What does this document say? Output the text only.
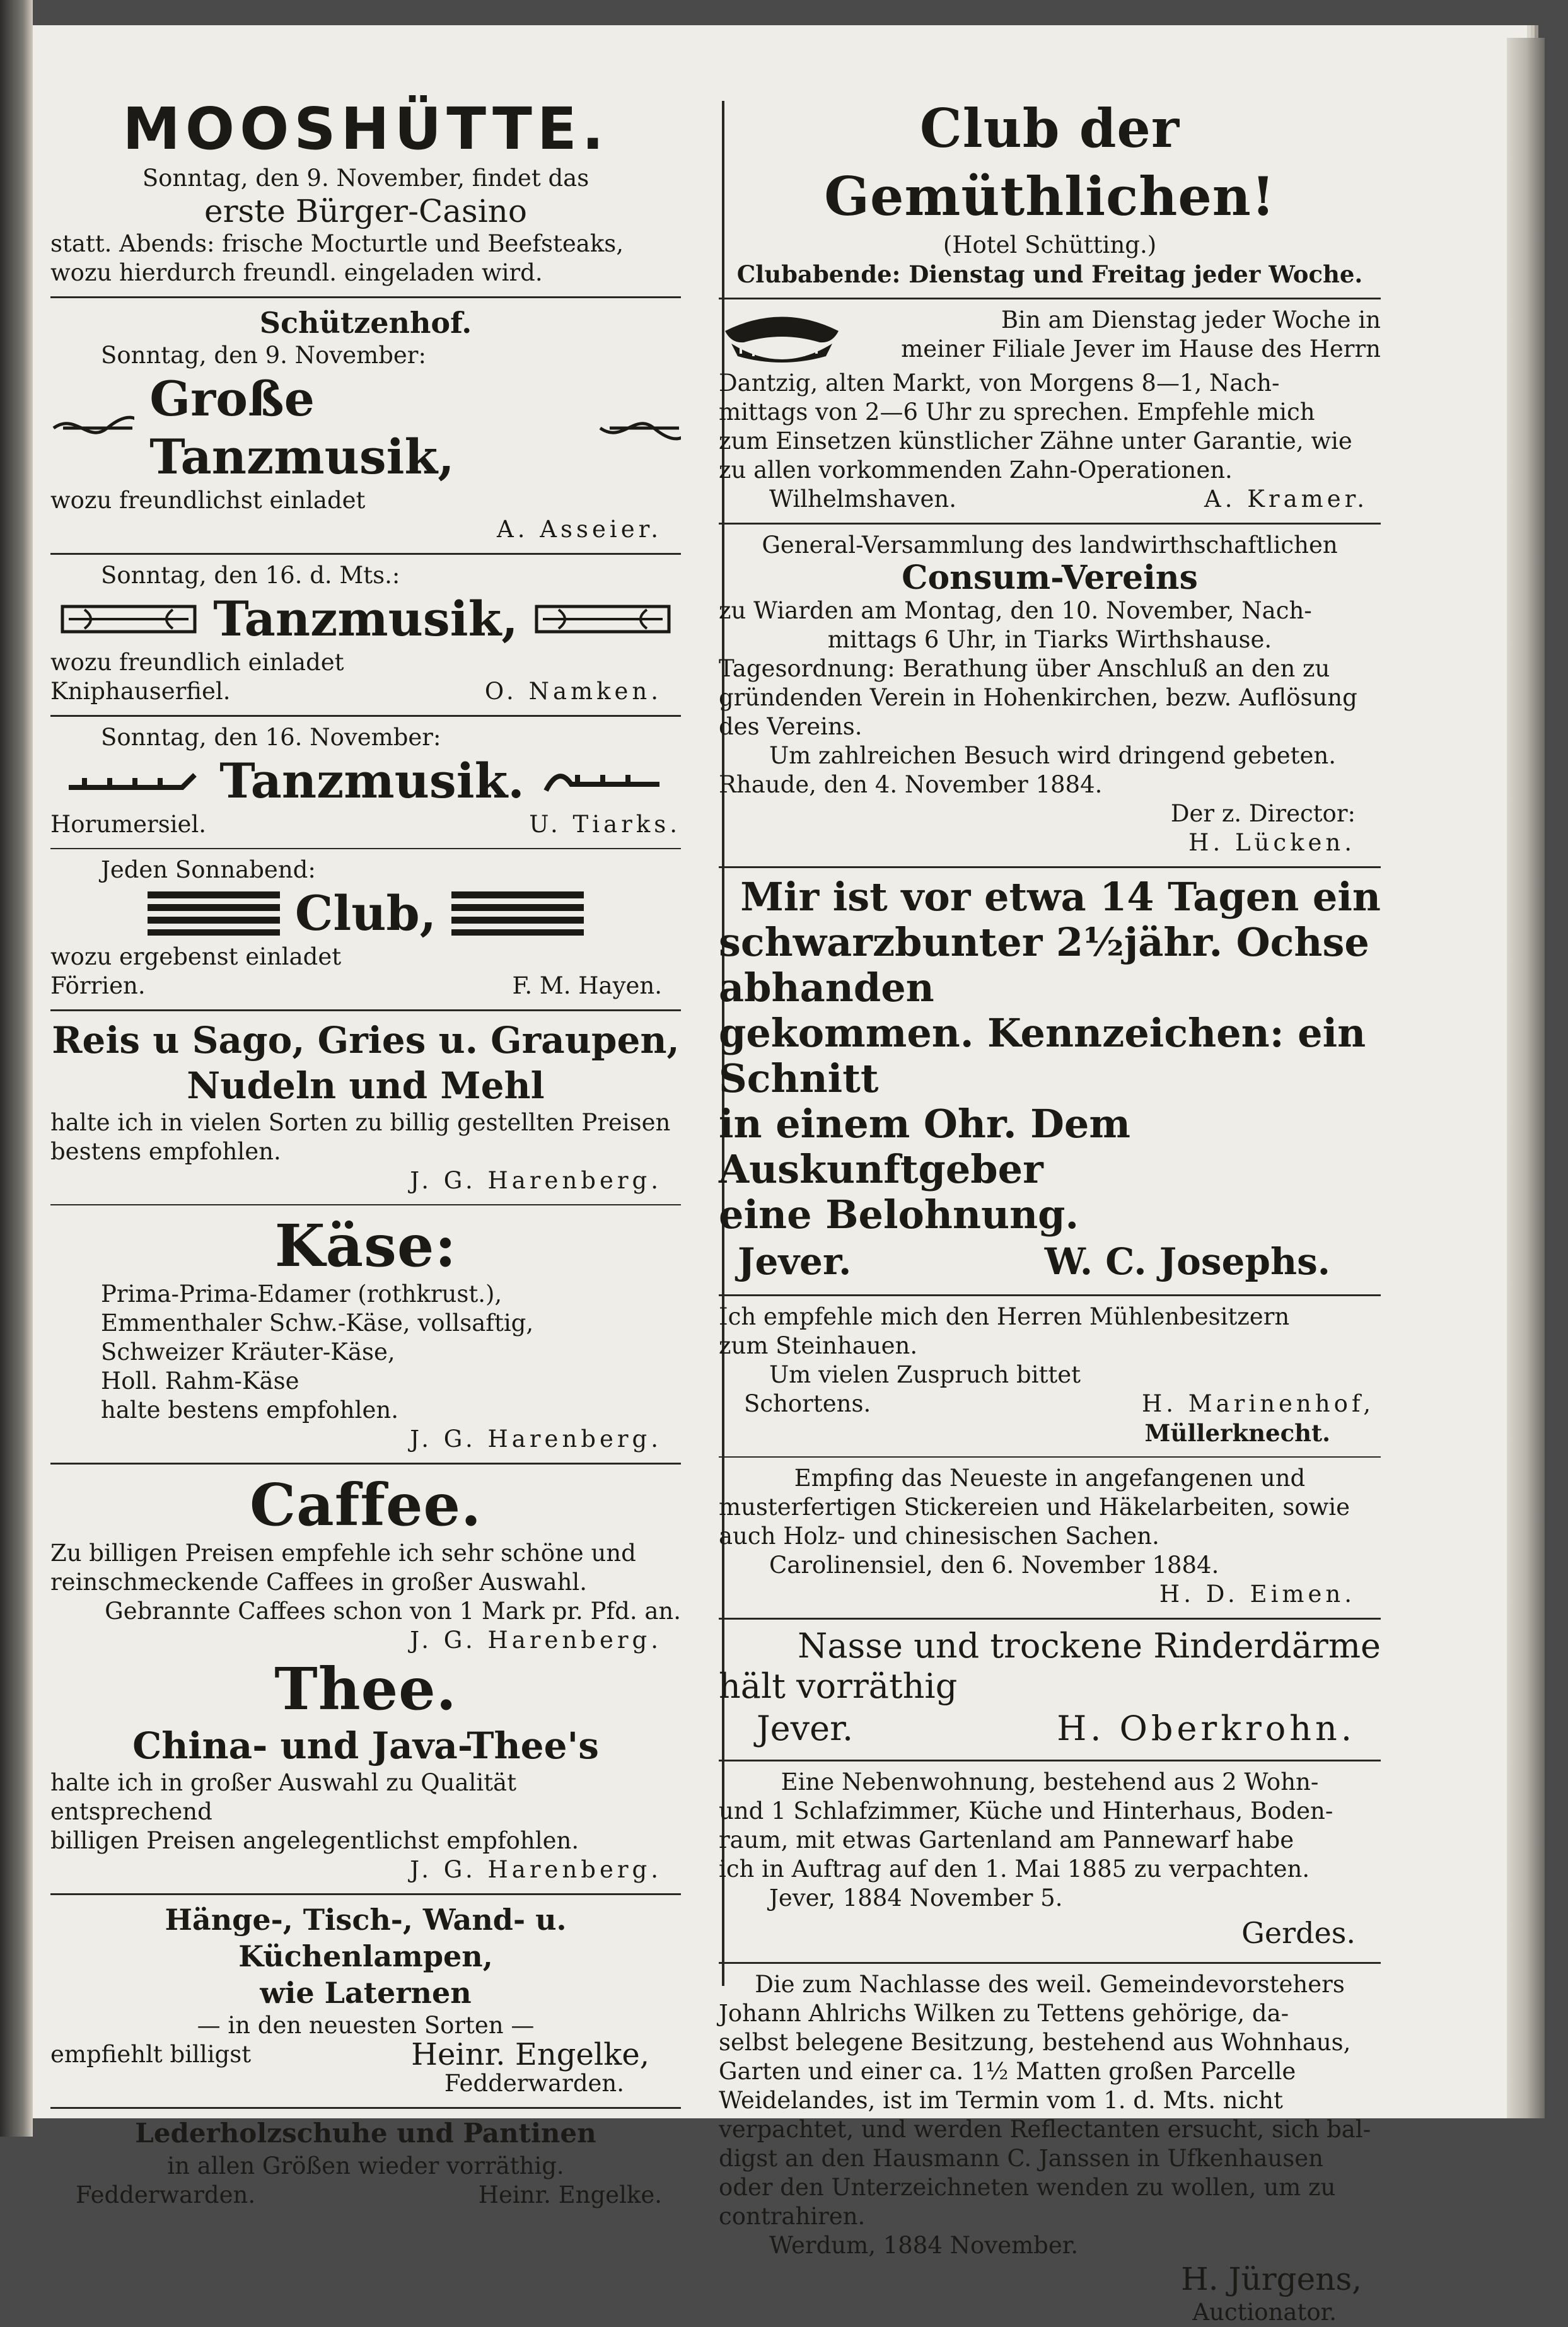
MOOSHÜTTE.
Sonntag, den 9. November, findet das
erste Bürger-Casino
statt. Abends: frische Mocturtle und Beefsteaks,
wozu hierdurch freundl. eingeladen wird.
Schützenhof.
Sonntag, den 9. November:
Große Tanzmusik,
wozu freundlichst einladet
A. Asseier.
Sonntag, den 16. d. Mts.:
Tanzmusik,
wozu freundlich einladet
Kniphauserfiel.	O. Namken.
Sonntag, den 16. November:
Tanzmusik.
Horumersiel.	U. Tiarks.
Jeden Sonnabend:
Club,
wozu ergebenst einladet
Förrien.	F. M. Hayen.
Reis u Sago, Gries u. Graupen,
Nudeln und Mehl
halte ich in vielen Sorten zu billig gestellten Preisen
bestens empfohlen.
J. G. Harenberg.
Käse:
Prima-Prima-Edamer (rothkrust.),
Emmenthaler Schw.-Käse, vollsaftig,
Schweizer Kräuter-Käse,
Holl. Rahm-Käse
halte bestens empfohlen.
J. G. Harenberg.
Caffee.
Zu billigen Preisen empfehle ich sehr schöne und
reinschmeckende Caffees in großer Auswahl.
Gebrannte Caffees schon von 1 Mark pr. Pfd. an.
J. G. Harenberg.
Thee.
China- und Java-Thee's
halte ich in großer Auswahl zu Qualität entsprechend
billigen Preisen angelegentlichst empfohlen.
J. G. Harenberg.
Hänge-, Tisch-, Wand- u. Küchenlampen,
wie Laternen
— in den neuesten Sorten —
empfiehlt billigst	Heinr. Engelke,
Fedderwarden.
Lederholzschuhe und Pantinen
in allen Größen wieder vorräthig.
Fedderwarden.	Heinr. Engelke.
Club der Gemüthlichen!
(Hotel Schütting.)
Clubabende: Dienstag und Freitag jeder Woche.
Bin am Dienstag jeder Woche in
meiner Filiale Jever im Hause des Herrn
Dantzig, alten Markt, von Morgens 8—1, Nach-
mittags von 2—6 Uhr zu sprechen. Empfehle mich
zum Einsetzen künstlicher Zähne unter Garantie, wie
zu allen vorkommenden Zahn-Operationen.
Wilhelmshaven.	A. Kramer.
General-Versammlung des landwirthschaftlichen
Consum-Vereins
zu Wiarden am Montag, den 10. November, Nach-
mittags 6 Uhr, in Tiarks Wirthshause.
Tagesordnung: Berathung über Anschluß an den zu
gründenden Verein in Hohenkirchen, bezw. Auflösung
des Vereins.
Um zahlreichen Besuch wird dringend gebeten.
Rhaude, den 4. November 1884.
Der z. Director:
H. Lücken.
Mir ist vor etwa 14 Tagen ein
schwarzbunter 2½jähr. Ochse abhanden
gekommen. Kennzeichen: ein Schnitt
in einem Ohr. Dem Auskunftgeber
eine Belohnung.
Jever.	W. C. Josephs.
Ich empfehle mich den Herren Mühlenbesitzern
zum Steinhauen.
Um vielen Zuspruch bittet
Schortens.	H. Marinenhof,
Müllerknecht.
Empfing das Neueste in angefangenen und
musterfertigen Stickereien und Häkelarbeiten, sowie
auch Holz- und chinesischen Sachen.
Carolinensiel, den 6. November 1884.
H. D. Eimen.
Nasse und trockene Rinderdärme
hält vorräthig
Jever.	H. Oberkrohn.
Eine Nebenwohnung, bestehend aus 2 Wohn-
und 1 Schlafzimmer, Küche und Hinterhaus, Boden-
raum, mit etwas Gartenland am Pannewarf habe
ich in Auftrag auf den 1. Mai 1885 zu verpachten.
Jever, 1884 November 5.
Gerdes.
Die zum Nachlasse des weil. Gemeindevorstehers
Johann Ahlrichs Wilken zu Tettens gehörige, da-
selbst belegene Besitzung, bestehend aus Wohnhaus,
Garten und einer ca. 1½ Matten großen Parcelle
Weidelandes, ist im Termin vom 1. d. Mts. nicht
verpachtet, und werden Reflectanten ersucht, sich bal-
digst an den Hausmann C. Janssen in Ufkenhausen
oder den Unterzeichneten wenden zu wollen, um zu
contrahiren.
Werdum, 1884 November.
H. Jürgens,
Auctionator.
